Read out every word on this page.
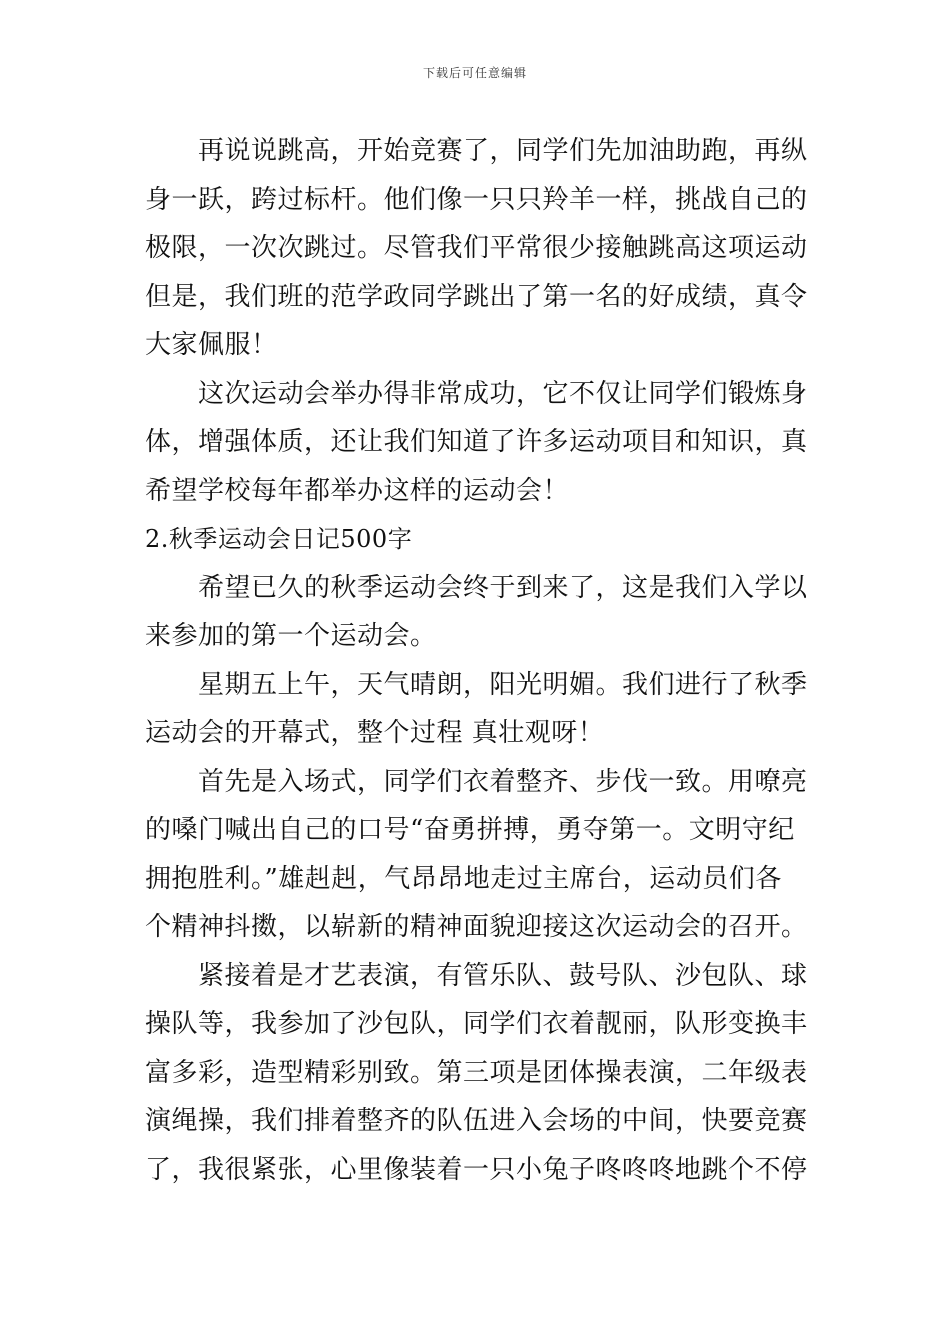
下载后可任意编辑
再说说跳高，开始竞赛了，同学们先加油助跑，再纵
身一跃，跨过标杆。他们像一只只羚羊一样，挑战自己的
极限，一次次跳过。尽管我们平常很少接触跳高这项运动
但是，我们班的范学政同学跳出了第一名的好成绩，真令
大家佩服！
这次运动会举办得非常成功，它不仅让同学们锻炼身
体，增强体质，还让我们知道了许多运动项目和知识，真
希望学校每年都举办这样的运动会！
2.秋季运动会日记500字
希望已久的秋季运动会终于到来了，这是我们入学以
来参加的第一个运动会。
星期五上午，天气晴朗，阳光明媚。我们进行了秋季
运动会的开幕式，整个过程 真壮观呀！
首先是入场式，同学们衣着整齐、步伐一致。用嘹亮
的嗓门喊出自己的口号“奋勇拼搏，勇夺第一。文明守纪
拥抱胜利。”雄赳赳，气昂昂地走过主席台，运动员们各
个精神抖擞，以崭新的精神面貌迎接这次运动会的召开。
紧接着是才艺表演，有管乐队、鼓号队、沙包队、球
操队等，我参加了沙包队，同学们衣着靓丽，队形变换丰
富多彩，造型精彩别致。第三项是团体操表演，二年级表
演绳操，我们排着整齐的队伍进入会场的中间，快要竞赛
了，我很紧张，心里像装着一只小兔子咚咚咚地跳个不停
